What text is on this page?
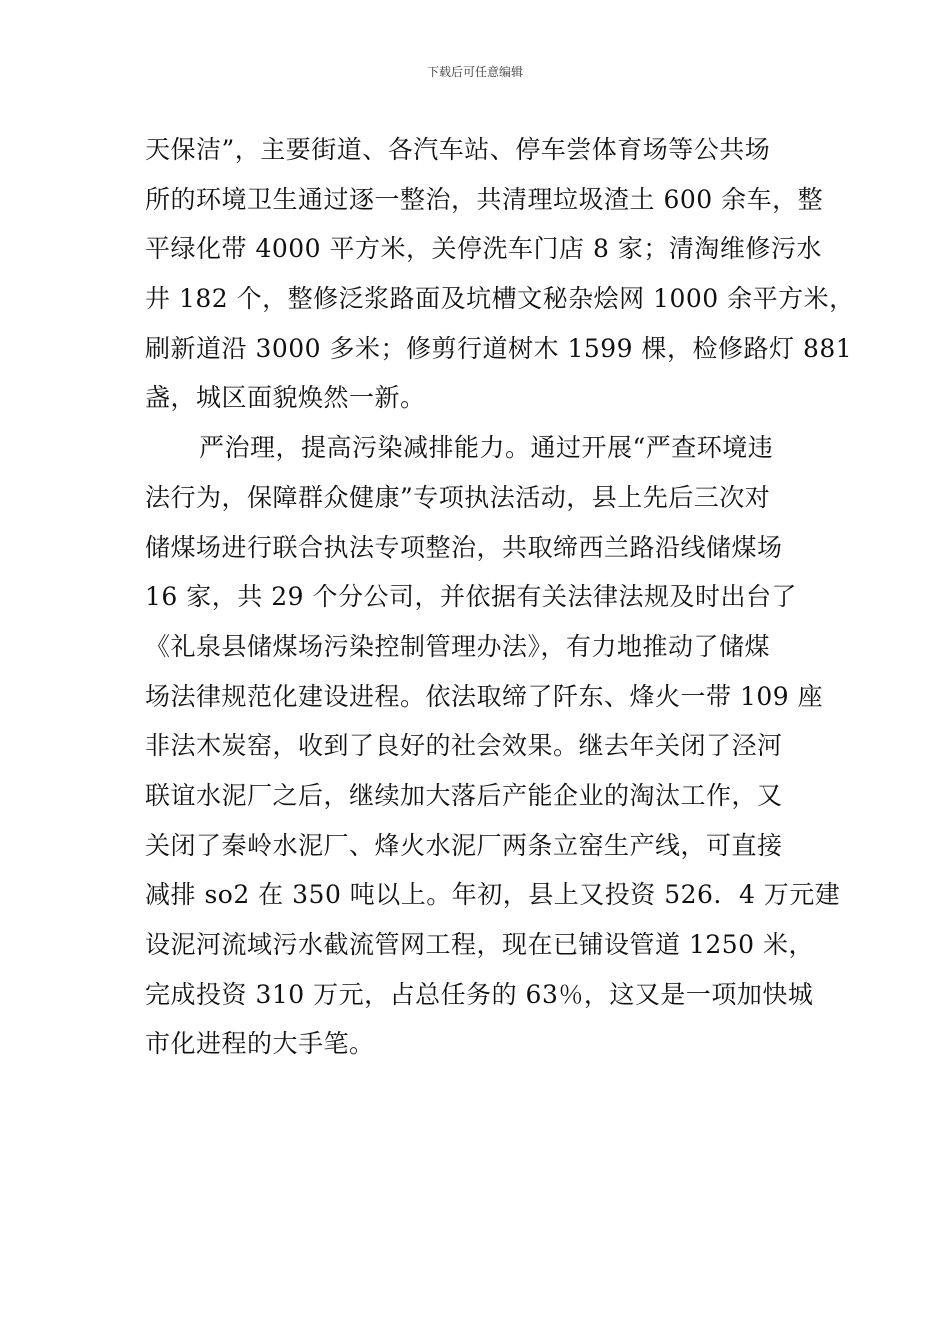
下载后可任意编辑
天保洁”，主要街道、各汽车站、停车尝体育场等公共场
所的环境卫生通过逐一整治，共清理垃圾渣土 600 余车，整
平绿化带 4000 平方米，关停洗车门店 8 家；清淘维修污水
井 182 个，整修泛浆路面及坑槽文秘杂烩网 1000 余平方米，
刷新道沿 3000 多米；修剪行道树木 1599 棵，检修路灯 881
盏，城区面貌焕然一新。
严治理，提高污染减排能力。通过开展“严查环境违
法行为，保障群众健康”专项执法活动，县上先后三次对
储煤场进行联合执法专项整治，共取缔西兰路沿线储煤场
16 家，共 29 个分公司，并依据有关法律法规及时出台了
《礼泉县储煤场污染控制管理办法》，有力地推动了储煤
场法律规范化建设进程。依法取缔了阡东、烽火一带 109 座
非法木炭窑，收到了良好的社会效果。继去年关闭了泾河
联谊水泥厂之后，继续加大落后产能企业的淘汰工作，又
关闭了秦岭水泥厂、烽火水泥厂两条立窑生产线，可直接
减排 so2 在 350 吨以上。年初，县上又投资 526．4 万元建
设泥河流域污水截流管网工程，现在已铺设管道 1250 米，
完成投资 310 万元，占总任务的 63％，这又是一项加快城
市化进程的大手笔。
